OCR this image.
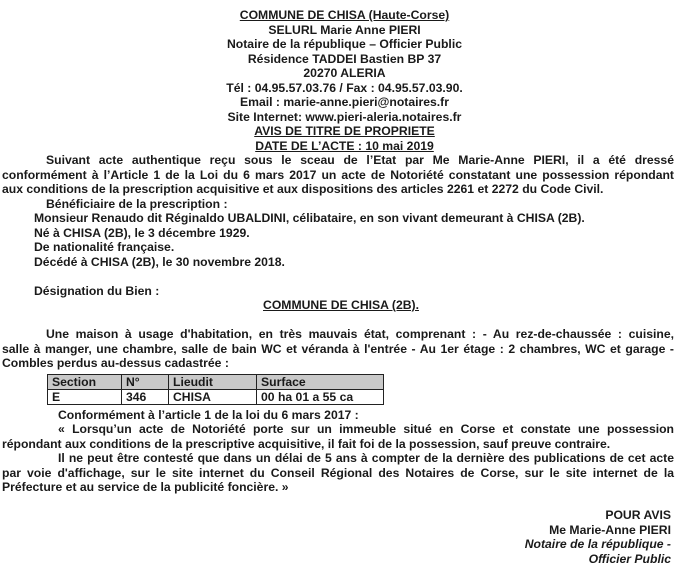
COMMUNE DE CHISA (Haute-Corse)
SELURL Marie Anne PIERI
Notaire de la république – Officier Public
Résidence TADDEI Bastien BP 37
20270 ALERIA
Tél : 04.95.57.03.76 / Fax : 04.95.57.03.90.
Email : marie-anne.pieri@notaires.fr
Site Internet: www.pieri-aleria.notaires.fr
AVIS DE TITRE DE PROPRIETE
DATE DE L’ACTE : 10 mai 2019
Suivant acte authentique reçu sous le sceau de l’Etat par Me Marie-Anne PIERI, il a été dressé
conformément à l’Article 1 de la Loi du 6 mars 2017 un acte de Notoriété constatant une possession répondant
aux conditions de la prescription acquisitive et aux dispositions des articles 2261 et 2272 du Code Civil.
Bénéficiaire de la prescription :
Monsieur Renaudo dit Réginaldo UBALDINI, célibataire, en son vivant demeurant à CHISA (2B).
Né à CHISA (2B), le 3 décembre 1929.
De nationalité française.
Décédé à CHISA (2B), le 30 novembre 2018.
Désignation du Bien :
COMMUNE DE CHISA (2B).
Une maison à usage d'habitation, en très mauvais état, comprenant : - Au rez-de-chaussée : cuisine,
salle à manger, une chambre, salle de bain WC et véranda à l'entrée - Au 1er étage : 2 chambres, WC et garage -
Combles perdus au-dessus cadastrée :
Section	N°	Lieudit	Surface
E	346	CHISA	00 ha 01 a 55 ca
Conformément à l’article 1 de la loi du 6 mars 2017 :
« Lorsqu’un acte de Notoriété porte sur un immeuble situé en Corse et constate une possession
répondant aux conditions de la prescriptive acquisitive, il fait foi de la possession, sauf preuve contraire.
Il ne peut être contesté que dans un délai de 5 ans à compter de la dernière des publications de cet acte
par voie d'affichage, sur le site internet du Conseil Régional des Notaires de Corse, sur le site internet de la
Préfecture et au service de la publicité foncière. »
POUR AVIS
Me Marie-Anne PIERI
Notaire de la république -
Officier Public
